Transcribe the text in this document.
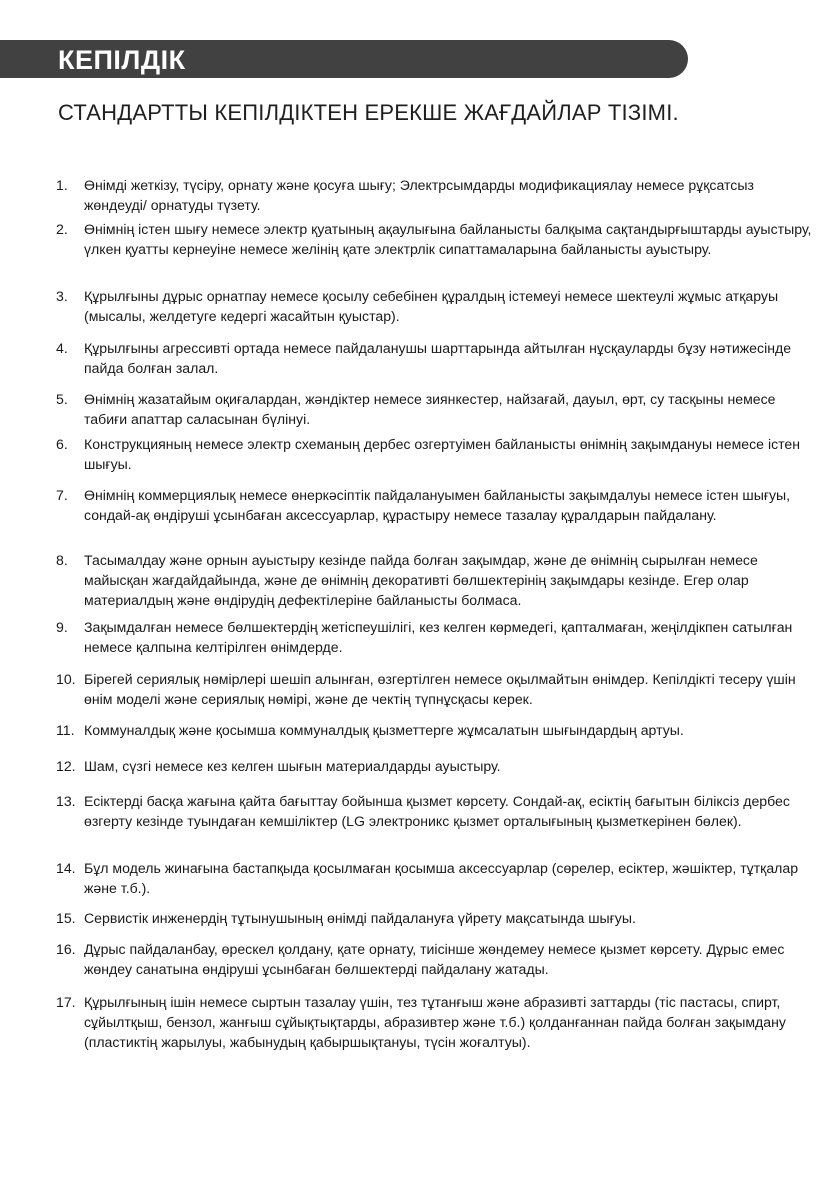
КЕПІЛДІК
СТАНДАРТТЫ КЕПІЛДІКТЕН ЕРЕКШЕ ЖАҒДАЙЛАР ТІЗІМІ.
1.	Өнімді жеткізу, түсіру, орнату және қосуға шығу; Электрсымдарды модификациялау немесе рұқсатсыз жөндеуді/ орнатуды түзету.
2.	Өнімнің істен шығу немесе электр қуатының ақаулығына байланысты балқыма сақтандырғыштарды ауыстыру, үлкен қуатты кернеуіне немесе желінің қате электрлік сипаттамаларына байланысты ауыстыру.
3.	Құрылғыны дұрыс орнатпау немесе қосылу себебінен құралдың істемеуі немесе шектеулі жұмыс атқаруы (мысалы, желдетуге кедергі жасайтын қуыстар).
4.	Құрылғыны агрессивті ортада немесе пайдаланушы шарттарында айтылған нұсқауларды бұзу нәтижесінде пайда болған залал.
5.	Өнімнің жазатайым оқиғалардан, жәндіктер немесе зиянкестер, найзағай, дауыл, өрт, су тасқыны немесе табиғи апаттар саласынан бүлінуі.
6.	Конструкцияның немесе электр схеманың дербес озгертуімен байланысты өнімнің зақымдануы немесе істен шығуы.
7.	Өнімнің коммерциялық немесе өнеркәсіптік пайдалануымен байланысты зақымдалуы немесе істен шығуы, сондай-ақ өндіруші ұсынбаған аксессуарлар, құрастыру немесе тазалау құралдарын пайдалану.
8.	Тасымалдау және орнын ауыстыру кезінде пайда болған зақымдар, және де өнімнің сырылған немесе майысқан жағдайдайында, және де өнімнің декоративті бөлшектерінің зақымдары кезінде. Егер олар материалдың және өндірудің дефектілеріне байланысты болмаса.
9.	Зақымдалған немесе бөлшектердің жетіспеушілігі, кез келген көрмедегі, қапталмаған, жеңілдікпен сатылған немесе қалпына келтірілген өнімдерде.
10. Бірегей сериялық нөмірлері шешіп алынған, өзгертілген немесе оқылмайтын өнімдер. Кепілдікті тесеру үшін өнім моделі және сериялық нөмірі, және де чектің түпнұсқасы керек.
11. Коммуналдық және қосымша коммуналдық қызметтерге жұмсалатын шығындардың артуы.
12. Шам, сүзгі немесе кез келген шығын материалдарды ауыстыру.
13. Есіктерді басқа жағына қайта бағыттау бойынша қызмет көрсету. Сондай-ақ, есіктің бағытын біліксіз дербес өзгерту кезінде туындаған кемшіліктер (LG электроникс қызмет орталығының қызметкерінен бөлек).
14. Бұл модель жинағына бастапқыда қосылмаған қосымша аксессуарлар (сөрелер, есіктер, жәшіктер, тұтқалар және т.б.).
15. Сервистік инженердің тұтынушының өнімді пайдалануға үйрету мақсатында шығуы.
16. Дұрыс пайдаланбау, өрескел қолдану, қате орнату, тиісінше жөндемеу немесе қызмет көрсету. Дұрыс емес жөндеу санатына өндіруші ұсынбаған бөлшектерді пайдалану жатады.
17. Құрылғының ішін немесе сыртын тазалау үшін, тез тұтанғыш және абразивті заттарды (тіс пастасы, спирт, сұйылтқыш, бензол, жанғыш сұйықтықтарды, абразивтер және т.б.) қолданғаннан пайда болған зақымдану (пластиктің жарылуы, жабынудың қабыршықтануы, түсін жоғалтуы).
